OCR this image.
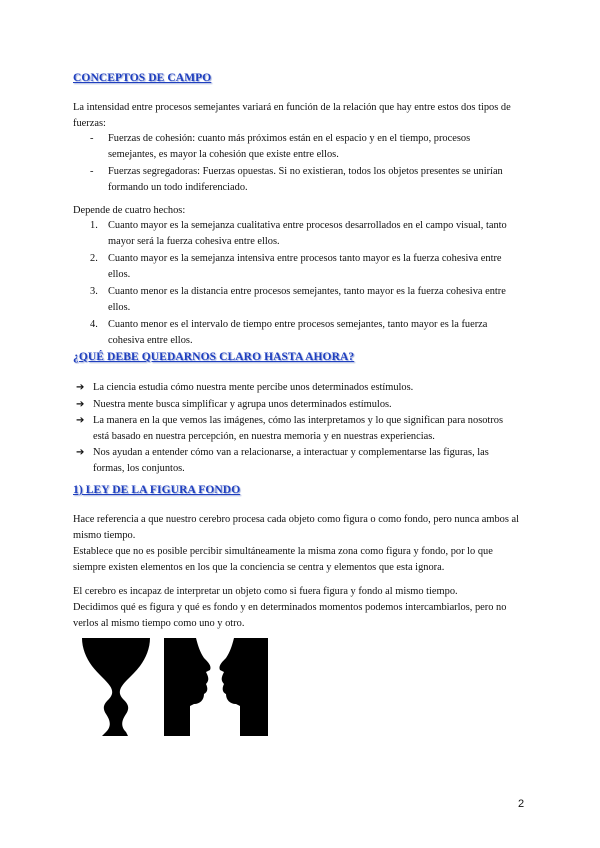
CONCEPTOS DE CAMPO

La intensidad entre procesos semejantes variará en función de la relación que hay entre estos dos tipos de fuerzas:

- Fuerzas de cohesión: cuanto más próximos están en el espacio y en el tiempo, procesos semejantes, es mayor la cohesión que existe entre ellos.
- Fuerzas segregadoras: Fuerzas opuestas. Si no existieran, todos los objetos presentes se unirían formando un todo indiferenciado.

Depende de cuatro hechos:

1. Cuanto mayor es la semejanza cualitativa entre procesos desarrollados en el campo visual, tanto mayor será la fuerza cohesiva entre ellos.
2. Cuanto mayor es la semejanza intensiva entre procesos tanto mayor es la fuerza cohesiva entre ellos.
3. Cuanto menor es la distancia entre procesos semejantes, tanto mayor es la fuerza cohesiva entre ellos.
4. Cuanto menor es el intervalo de tiempo entre procesos semejantes, tanto mayor es la fuerza cohesiva entre ellos.
¿QUÉ DEBE QUEDARNOS CLARO HASTA AHORA?
➔ La ciencia estudia cómo nuestra mente percibe unos determinados estímulos.
➔ Nuestra mente busca simplificar y agrupa unos determinados estímulos.
➔ La manera en la que vemos las imágenes, cómo las interpretamos y lo que significan para nosotros está basado en nuestra percepción, en nuestra memoria y en nuestras experiencias.
➔ Nos ayudan a entender cómo van a relacionarse, a interactuar y complementarse las figuras, las formas, los conjuntos.
1) LEY DE LA FIGURA FONDO

Hace referencia a que nuestro cerebro procesa cada objeto como figura o como fondo, pero nunca ambos al mismo tiempo.

Establece que no es posible percibir simultáneamente la misma zona como figura y fondo, por lo que siempre existen elementos en los que la conciencia se centra y elementos que esta ignora.

El cerebro es incapaz de interpretar un objeto como si fuera figura y fondo al mismo tiempo.

Decidimos qué es figura y qué es fondo y en determinados momentos podemos intercambiarlos, pero no verlos al mismo tiempo como uno y otro.

2
